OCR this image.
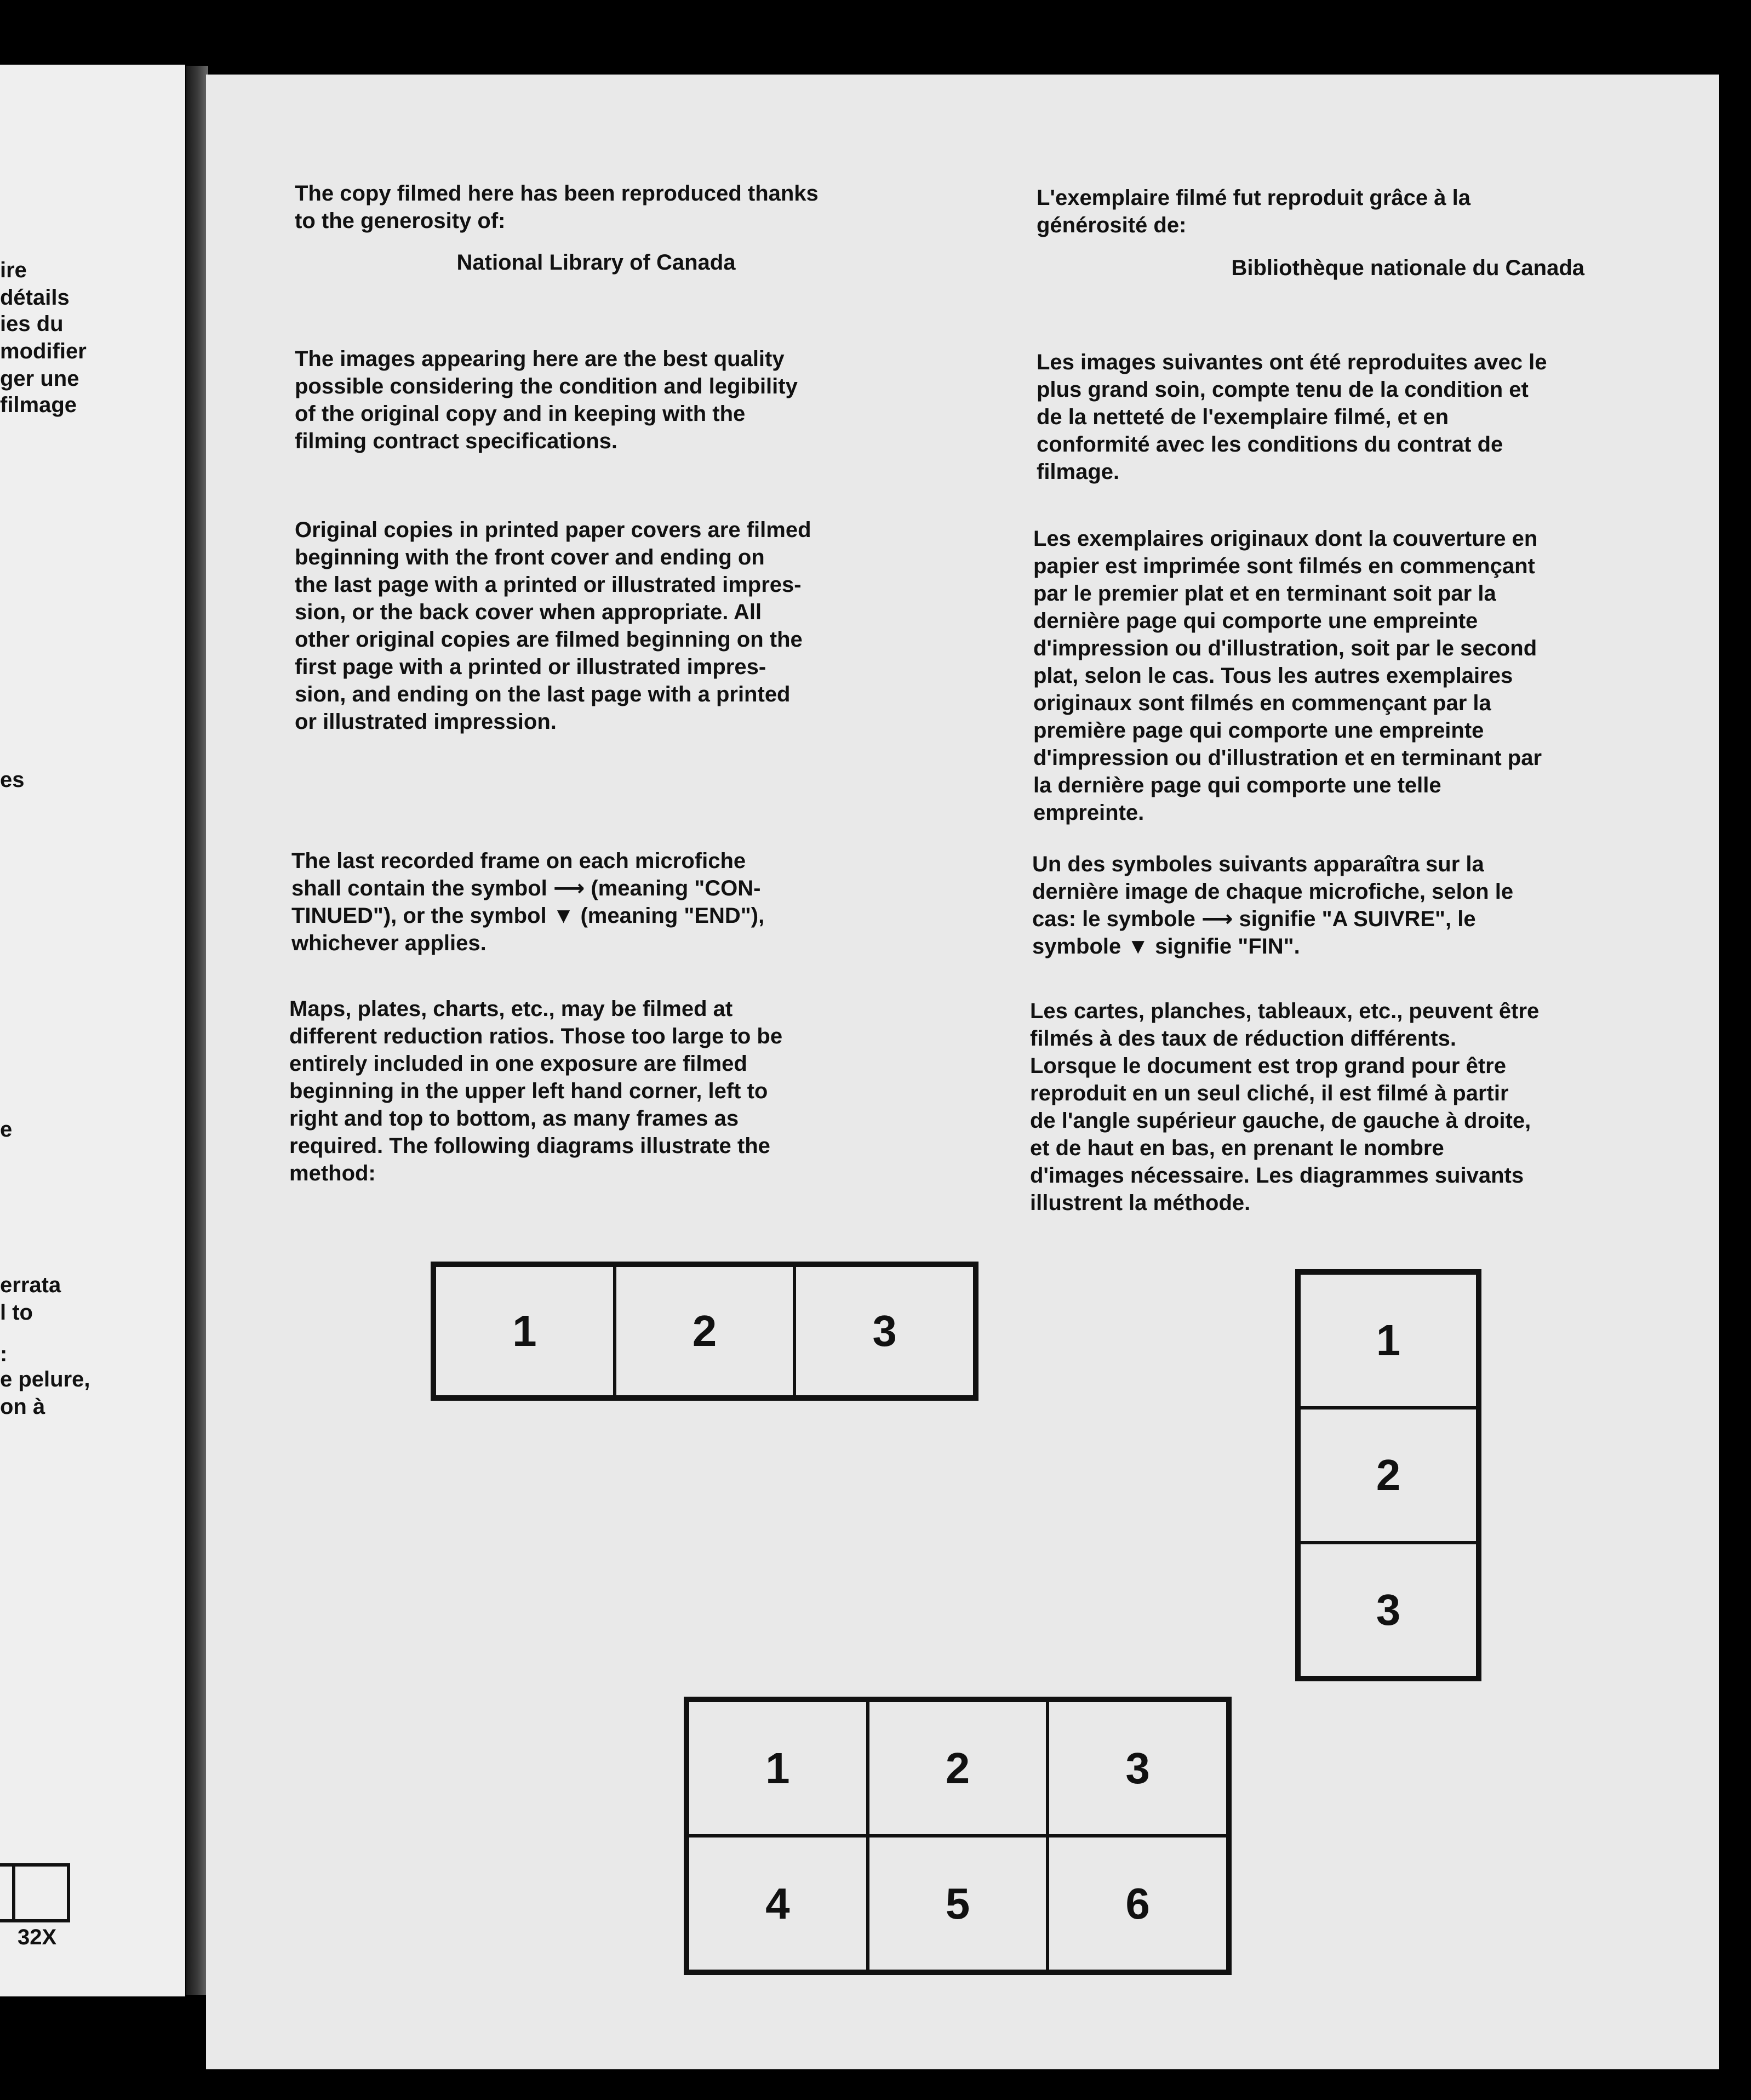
ire
détails
ies du
modifier
ger une
filmage
es
e
errata
l to
:
e pelure,
on à
32X
The copy filmed here has been reproduced thanks
to the generosity of:
National Library of Canada
The images appearing here are the best quality
possible considering the condition and legibility
of the original copy and in keeping with the
filming contract specifications.
Original copies in printed paper covers are filmed
beginning with the front cover and ending on
the last page with a printed or illustrated impres-
sion, or the back cover when appropriate. All
other original copies are filmed beginning on the
first page with a printed or illustrated impres-
sion, and ending on the last page with a printed
or illustrated impression.
The last recorded frame on each microfiche
shall contain the symbol ⟶ (meaning "CON-
TINUED"), or the symbol ▼ (meaning "END"),
whichever applies.
Maps, plates, charts, etc., may be filmed at
different reduction ratios. Those too large to be
entirely included in one exposure are filmed
beginning in the upper left hand corner, left to
right and top to bottom, as many frames as
required. The following diagrams illustrate the
method:
L'exemplaire filmé fut reproduit grâce à la
générosité de:
Bibliothèque nationale du Canada
Les images suivantes ont été reproduites avec le
plus grand soin, compte tenu de la condition et
de la netteté de l'exemplaire filmé, et en
conformité avec les conditions du contrat de
filmage.
Les exemplaires originaux dont la couverture en
papier est imprimée sont filmés en commençant
par le premier plat et en terminant soit par la
dernière page qui comporte une empreinte
d'impression ou d'illustration, soit par le second
plat, selon le cas. Tous les autres exemplaires
originaux sont filmés en commençant par la
première page qui comporte une empreinte
d'impression ou d'illustration et en terminant par
la dernière page qui comporte une telle
empreinte.
Un des symboles suivants apparaîtra sur la
dernière image de chaque microfiche, selon le
cas: le symbole ⟶ signifie "A SUIVRE", le
symbole ▼ signifie "FIN".
Les cartes, planches, tableaux, etc., peuvent être
filmés à des taux de réduction différents.
Lorsque le document est trop grand pour être
reproduit en un seul cliché, il est filmé à partir
de l'angle supérieur gauche, de gauche à droite,
et de haut en bas, en prenant le nombre
d'images nécessaire. Les diagrammes suivants
illustrent la méthode.
1	2	3	1
2
3
1	2	3
4	5	6
